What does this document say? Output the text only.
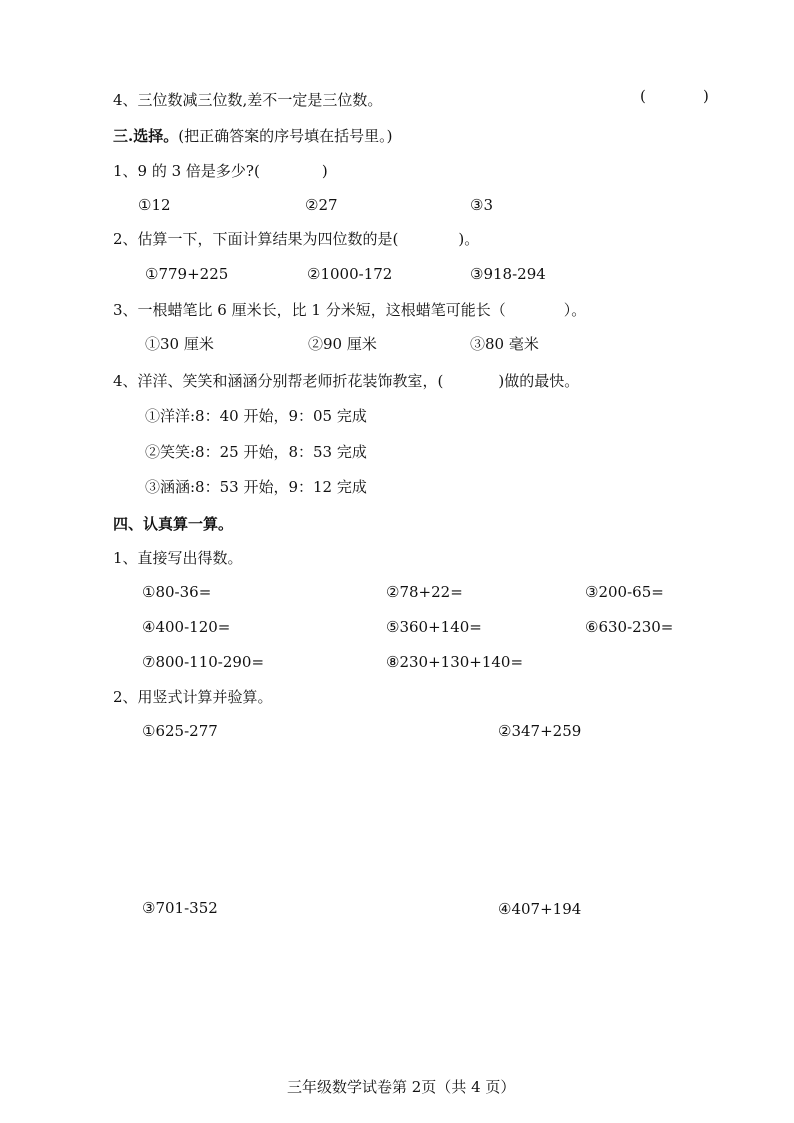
4、三位数减三位数,差不一定是三位数。	(	)
三.选择。(把正确答案的序号填在括号里。)
1、9 的 3 倍是多少?(	)
①12	②27	③3
2、估算一下，下面计算结果为四位数的是(	)。
①779+225	②1000-172	③918-294
3、一根蜡笔比 6 厘米长，比 1 分米短，这根蜡笔可能长（	）。
①30 厘米	②90 厘米	③80 毫米
4、洋洋、笑笑和涵涵分别帮老师折花装饰教室，(	)做的最快。
①洋洋:8：40 开始，9：05 完成
②笑笑:8：25 开始，8：53 完成
③涵涵:8：53 开始，9：12 完成
四、认真算一算。
1、直接写出得数。
①80-36=	②78+22=	③200-65=
④400-120=	⑤360+140=	⑥630-230=
⑦800-110-290=	⑧230+130+140=
2、用竖式计算并验算。
①625-277	②347+259
③701-352	④407+194
三年级数学试卷第 2页（共 4 页）
